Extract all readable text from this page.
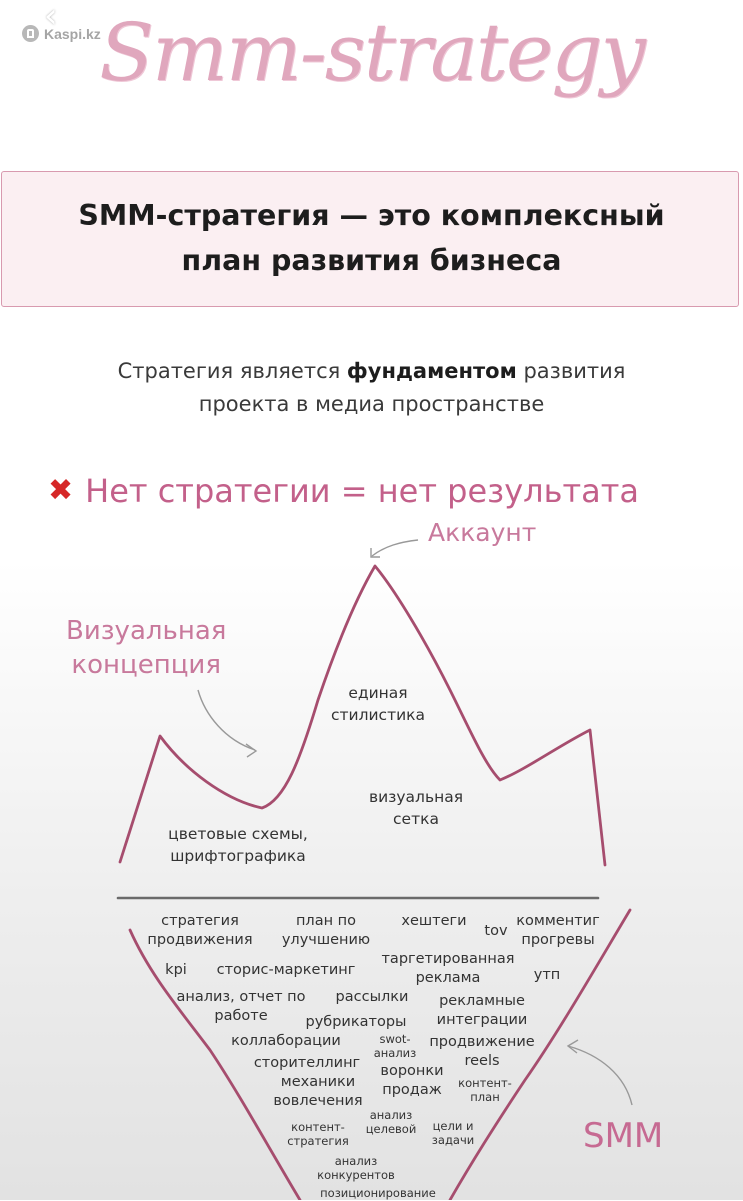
‹
Kaspi.kz
Smm-strategy
SMM-стратегия — это комплексный
план развития бизнеса
Стратегия является фундаментом развития
проекта в медиа пространстве
✖ Нет стратегии = нет результата
Аккаунт
Визуальная
концепция
единая
стилистика
визуальная
сетка
цветовые схемы,
шрифтографика
стратегия
продвижения
план по
улучшению
хештеги
tov
комментиг
прогревы
kpi	сторис-маркетинг
таргетированная
реклама	утп
анализ, отчет по
работе
рассылки	рекламные
интеграции
рубрикаторы
коллаборации	swot-
анализ
продвижение
reels
сторителлинг	воронки
продаж	контент-
план
механики
вовлечения
анализ
целевой	цели и
задачи
контент-
стратегия
анализ
конкурентов
позиционирование
SMM
